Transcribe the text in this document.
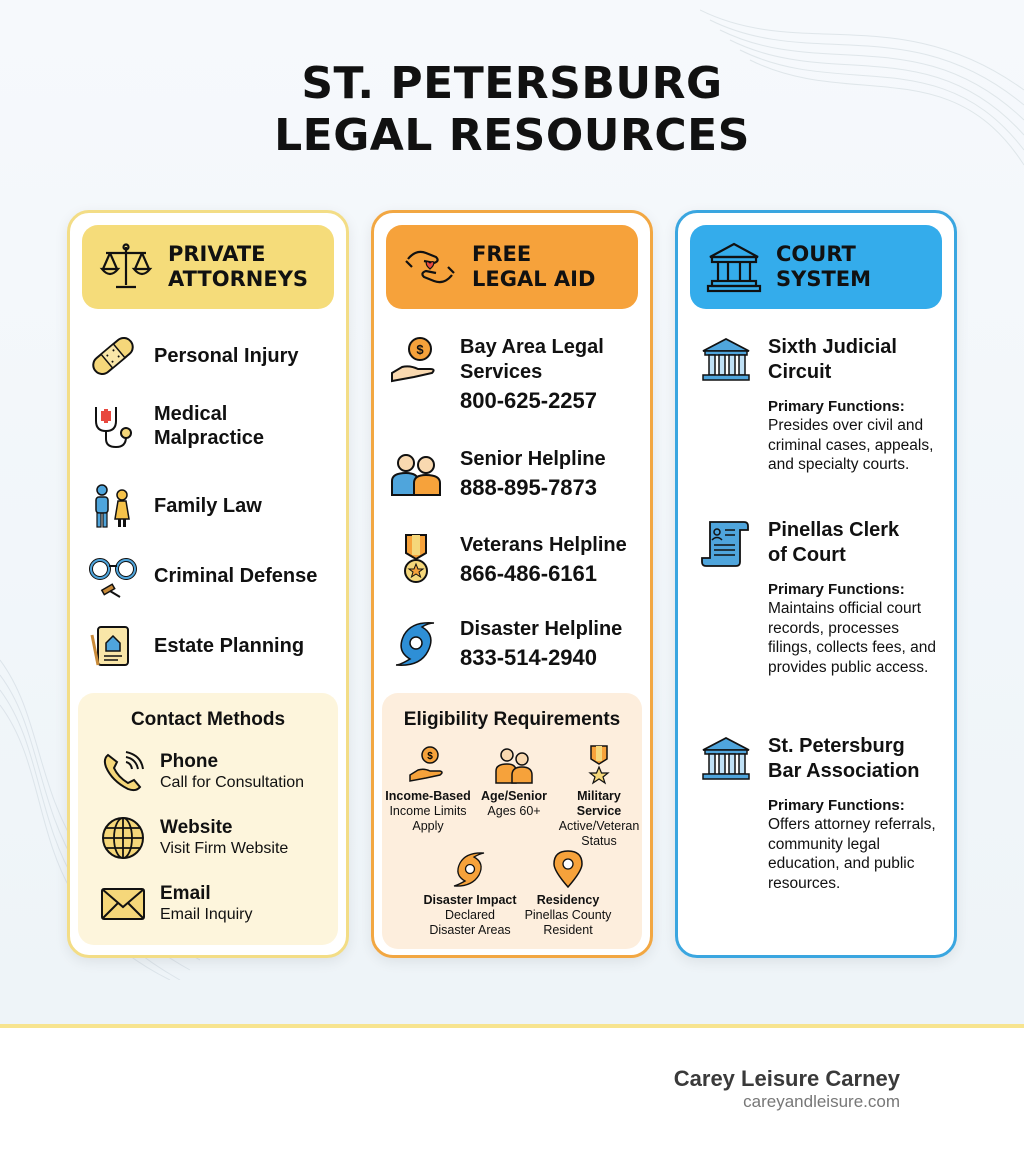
ST. PETERSBURG
LEGAL RESOURCES
PRIVATE
ATTORNEYS
Personal Injury
Medical
Malpractice
Family Law
Criminal Defense
Estate Planning
Contact Methods
Phone
Call for Consultation
Website
Visit Firm Website
Email
Email Inquiry
FREE
LEGAL AID
$ Bay Area Legal
Services
800-625-2257
Senior Helpline
888-895-7873
Veterans Helpline
866-486-6161
Disaster Helpline
833-514-2940
Eligibility Requirements
$
Income-Based
Income Limits
Apply
Age/Senior
Ages 60+
Military
Service
Active/Veteran
Status
Disaster Impact
Declared
Disaster Areas
Residency
Pinellas County
Resident
COURT
SYSTEM
Sixth Judicial
Circuit
Primary Functions:
Presides over civil and criminal cases, appeals, and specialty courts.
Pinellas Clerk
of Court
Primary Functions:
Maintains official court records, processes filings, collects fees, and provides public access.
St. Petersburg
Bar Association
Primary Functions:
Offers attorney referrals, community legal education, and public resources.
Carey Leisure Carney
careyandleisure.com
